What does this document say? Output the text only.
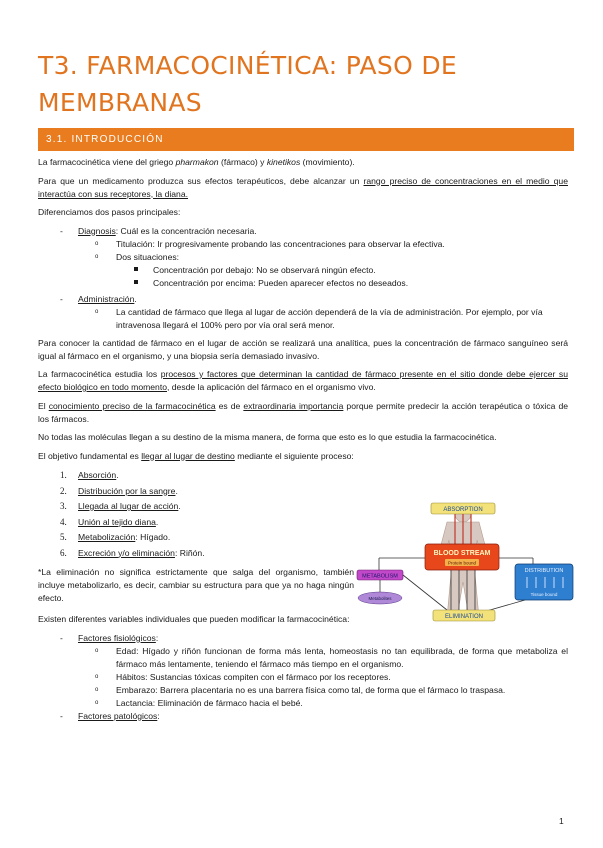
T3. FARMACOCINÉTICA: PASO DE MEMBRANAS
3.1. INTRODUCCIÓN
La farmacocinética viene del griego pharmakon (fármaco) y kinetikos (movimiento).
Para que un medicamento produzca sus efectos terapéuticos, debe alcanzar un rango preciso de concentraciones en el medio que interactúa con sus receptores, la diana.
Diferenciamos dos pasos principales:
- Diagnosis: Cuál es la concentración necesaria.
o Titulación: Ir progresivamente probando las concentraciones para observar la efectiva.
o Dos situaciones:
Concentración por debajo: No se observará ningún efecto.
Concentración por encima: Pueden aparecer efectos no deseados.
- Administración.
o La cantidad de fármaco que llega al lugar de acción dependerá de la vía de administración. Por ejemplo, por vía intravenosa llegará el 100% pero por vía oral será menor.
Para conocer la cantidad de fármaco en el lugar de acción se realizará una analítica, pues la concentración de fármaco sanguíneo será igual al fármaco en el organismo, y una biopsia sería demasiado invasivo.
La farmacocinética estudia los procesos y factores que determinan la cantidad de fármaco presente en el sitio donde debe ejercer su efecto biológico en todo momento, desde la aplicación del fármaco en el organismo vivo.
El conocimiento preciso de la farmacocinética es de extraordinaria importancia porque permite predecir la acción terapéutica o tóxica de los fármacos.
No todas las moléculas llegan a su destino de la misma manera, de forma que esto es lo que estudia la farmacocinética.
El objetivo fundamental es llegar al lugar de destino mediante el siguiente proceso:
1. Absorción.
2. Distribución por la sangre.
3. Llegada al lugar de acción.
4. Unión al tejido diana.
5. Metabolización: Hígado.
6. Excreción y/o eliminación: Riñón.
*La eliminación no significa estrictamente que salga del organismo, también incluye metabolizarlo, es decir, cambiar su estructura para que ya no haga ningún efecto.
Existen diferentes variables individuales que pueden modificar la farmacocinética:
- Factores fisiológicos:
o Edad: Hígado y riñón funcionan de forma más lenta, homeostasis no tan equilibrada, de forma que metaboliza el fármaco más lentamente, teniendo el fármaco más tiempo en el organismo.
o Hábitos: Sustancias tóxicas compiten con el fármaco por los receptores.
o Embarazo: Barrera placentaria no es una barrera física como tal, de forma que el fármaco lo traspasa.
o Lactancia: Eliminación de fármaco hacia el bebé.
- Factores patológicos:
ABSORPTION
BLOOD STREAM
Protein bound
METABOLISM
Metabolites
DISTRIBUTION
Tissue bound
ELIMINATION
1
